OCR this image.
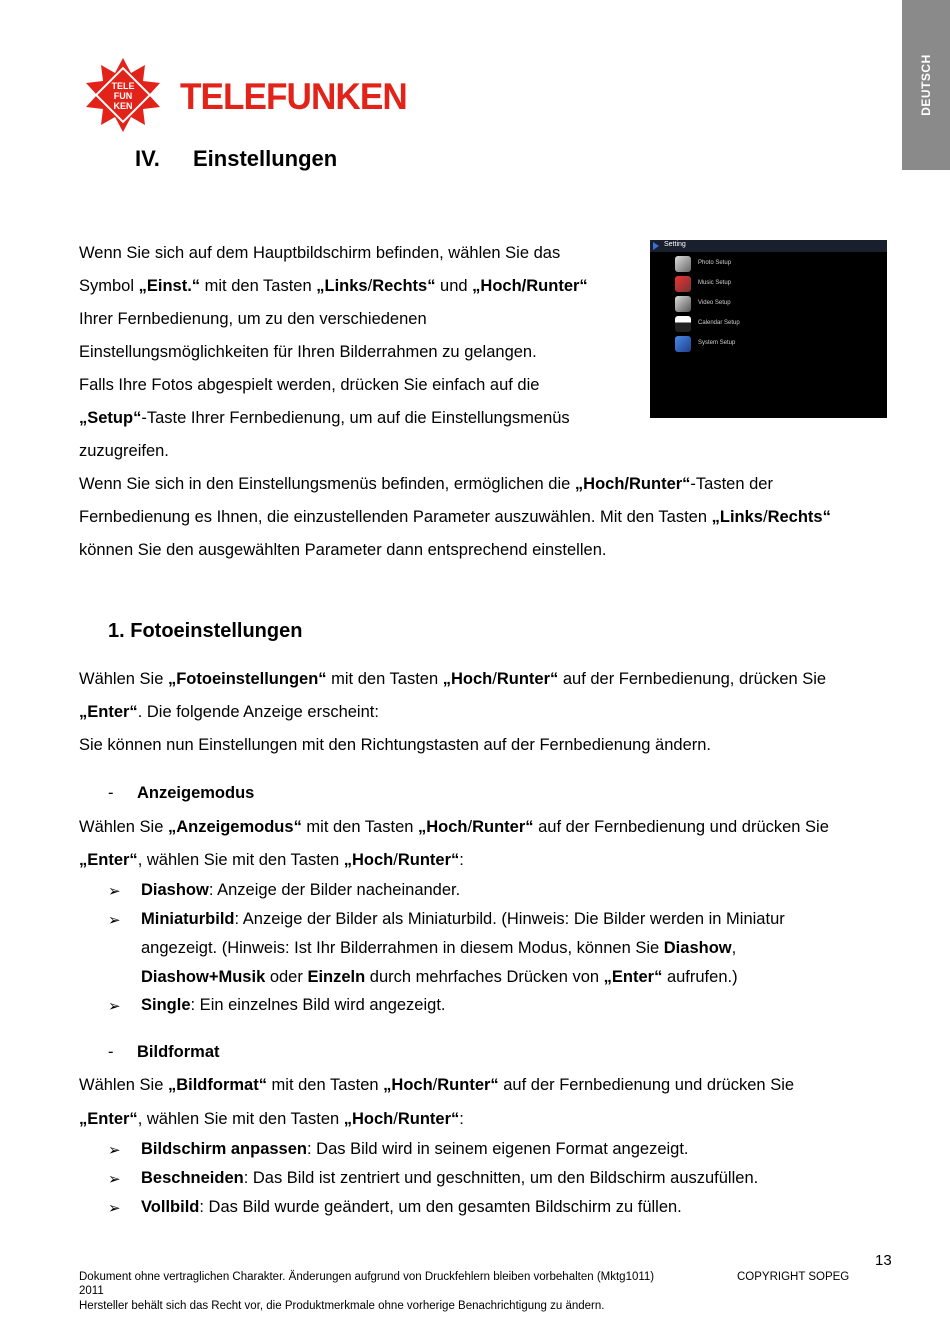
DEUTSCH
TELE
FUN
KEN TELEFUNKEN
IV. Einstellungen
Wenn Sie sich auf dem Hauptbildschirm befinden, wählen Sie das
Symbol „Einst.“ mit den Tasten „Links/Rechts“ und „Hoch/Runter“
Ihrer Fernbedienung, um zu den verschiedenen
Einstellungsmöglichkeiten für Ihren Bilderrahmen zu gelangen.
Falls Ihre Fotos abgespielt werden, drücken Sie einfach auf die
„Setup“-Taste Ihrer Fernbedienung, um auf die Einstellungsmenüs
zuzugreifen.
Wenn Sie sich in den Einstellungsmenüs befinden, ermöglichen die „Hoch/Runter“-Tasten der
Fernbedienung es Ihnen, die einzustellenden Parameter auszuwählen. Mit den Tasten „Links/Rechts“
können Sie den ausgewählten Parameter dann entsprechend einstellen.
Setting
Photo Setup
Music Setup
Video Setup
Calendar Setup
System Setup
1. Fotoeinstellungen
Wählen Sie „Fotoeinstellungen“ mit den Tasten „Hoch/Runter“ auf der Fernbedienung, drücken Sie
„Enter“. Die folgende Anzeige erscheint:
Sie können nun Einstellungen mit den Richtungstasten auf der Fernbedienung ändern.
- Anzeigemodus
Wählen Sie „Anzeigemodus“ mit den Tasten „Hoch/Runter“ auf der Fernbedienung und drücken Sie
„Enter“, wählen Sie mit den Tasten „Hoch/Runter“:
➢ Diashow: Anzeige der Bilder nacheinander.
➢ Miniaturbild: Anzeige der Bilder als Miniaturbild. (Hinweis: Die Bilder werden in Miniatur
angezeigt. (Hinweis: Ist Ihr Bilderrahmen in diesem Modus, können Sie Diashow,
Diashow+Musik oder Einzeln durch mehrfaches Drücken von „Enter“ aufrufen.)
➢ Single: Ein einzelnes Bild wird angezeigt.
- Bildformat
Wählen Sie „Bildformat“ mit den Tasten „Hoch/Runter“ auf der Fernbedienung und drücken Sie
„Enter“, wählen Sie mit den Tasten „Hoch/Runter“:
➢ Bildschirm anpassen: Das Bild wird in seinem eigenen Format angezeigt.
➢ Beschneiden: Das Bild ist zentriert und geschnitten, um den Bildschirm auszufüllen.
➢ Vollbild: Das Bild wurde geändert, um den gesamten Bildschirm zu füllen.
13
Dokument ohne vertraglichen Charakter. Änderungen aufgrund von Druckfehlern bleiben vorbehalten (Mktg1011)	COPYRIGHT SOPEG
2011
Hersteller behält sich das Recht vor, die Produktmerkmale ohne vorherige Benachrichtigung zu ändern.
